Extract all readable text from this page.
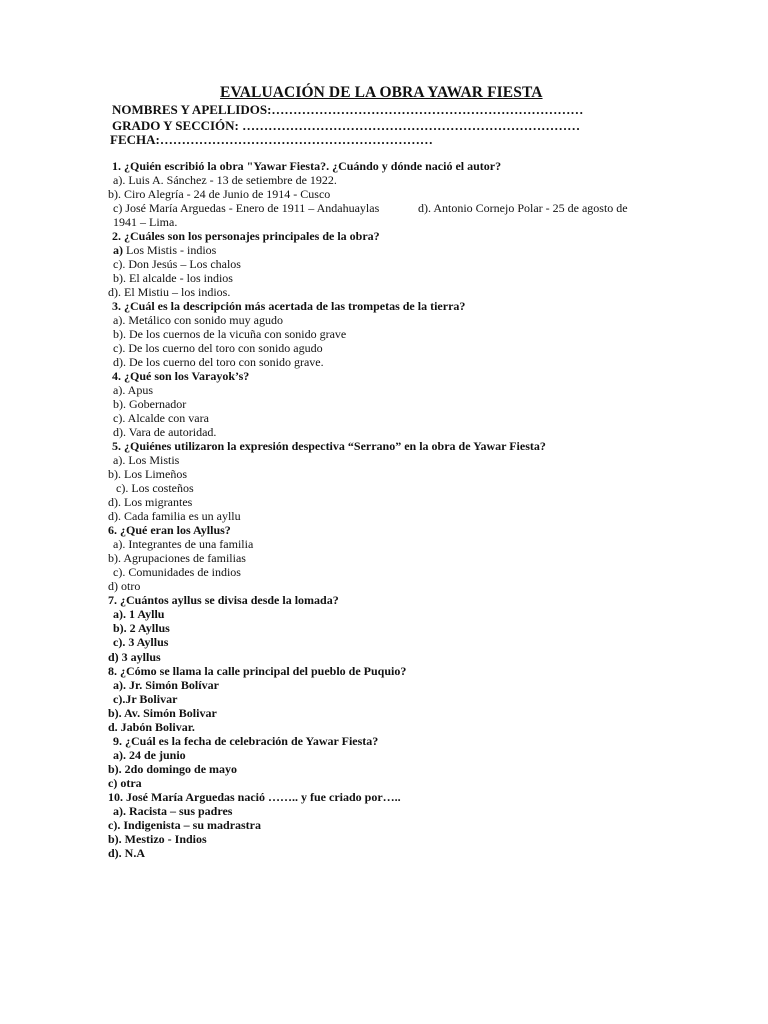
EVALUACIÓN DE LA OBRA YAWAR FIESTA
NOMBRES Y APELLIDOS:………………………………………………………………
GRADO Y SECCIÓN: ……………………………………………………………………
FECHA:………………………………………………………
1. ¿Quién escribió la obra "Yawar Fiesta?. ¿Cuándo y dónde nació el autor?
a). Luis A. Sánchez - 13 de setiembre de 1922.
b). Ciro Alegría - 24 de Junio de 1914 - Cusco
c) José María Arguedas - Enero de 1911 – Andahuaylas	d). Antonio Cornejo Polar - 25 de agosto de
1941 – Lima.
2. ¿Cuáles son los personajes principales de la obra?
a) Los Mistis - indios
c). Don Jesús – Los chalos
b). El alcalde - los indios
d). El Mistiu – los indios.
3. ¿Cuál es la descripción más acertada de las trompetas de la tierra?
a). Metálico con sonido muy agudo
b). De los cuernos de la vicuña con sonido grave
c). De los cuerno del toro con sonido agudo
d). De los cuerno del toro con sonido grave.
4. ¿Qué son los Varayok’s?
a). Apus
b). Gobernador
c). Alcalde con vara
d). Vara de autoridad.
5. ¿Quiénes utilizaron la expresión despectiva “Serrano” en la obra de Yawar Fiesta?
a). Los Mistis
b). Los Limeños
c). Los costeños
d). Los migrantes
d). Cada familia es un ayllu
6. ¿Qué eran los Ayllus?
a). Integrantes de una familia
b). Agrupaciones de familias
c). Comunidades de indios
d) otro
7. ¿Cuántos ayllus se divisa desde la lomada?
a). 1 Ayllu
b). 2 Ayllus
c). 3 Ayllus
d) 3 ayllus
8. ¿Cómo se llama la calle principal del pueblo de Puquio?
a). Jr. Simón Bolívar
c).Jr Bolivar
b). Av. Simón Bolivar
d. Jabón Bolivar.
9. ¿Cuál es la fecha de celebración de Yawar Fiesta?
a). 24 de junio
b). 2do domingo de mayo
c) otra
10. José María Arguedas nació …….. y fue criado por…..
a). Racista – sus padres
c). Indigenista – su madrastra
b). Mestizo - Indios
d). N.A
